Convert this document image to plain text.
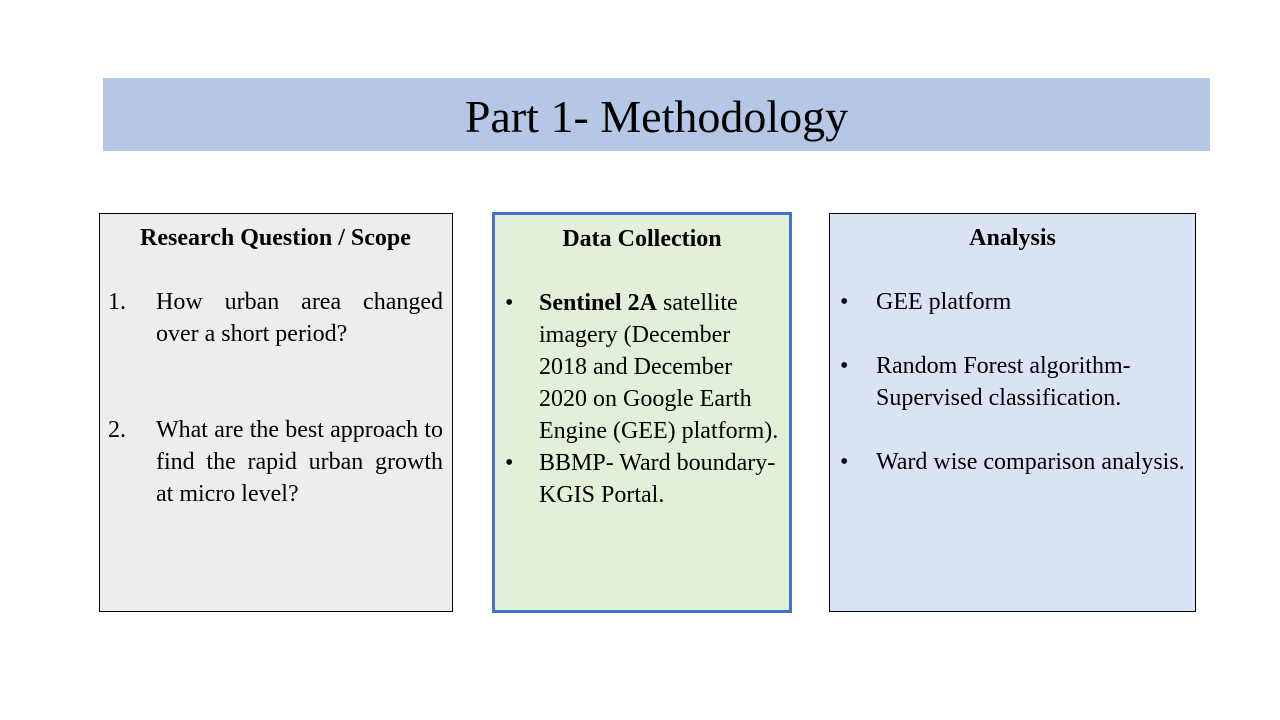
Part 1- Methodology

Research Question / Scope

1.	How urban area changed over a short period?
2.	What are the best approach to find the rapid urban growth at micro level?

Data Collection

•	Sentinel 2A satellite imagery (December 2018 and December 2020 on Google Earth Engine (GEE) platform).
•	BBMP- Ward boundary- KGIS Portal.

Analysis

•	GEE platform
•	Random Forest algorithm- Supervised classification.
•	Ward wise comparison analysis.
